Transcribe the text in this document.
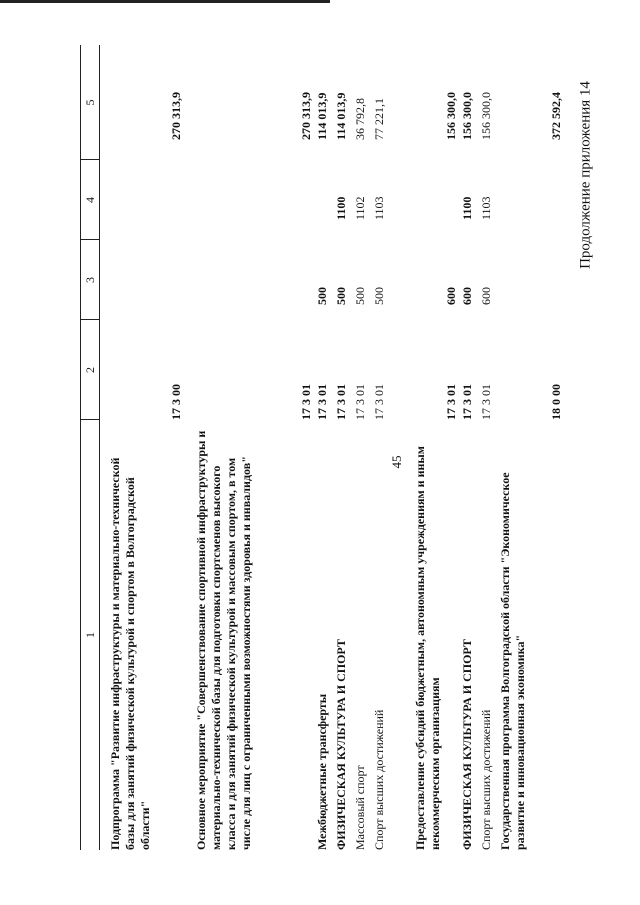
45
Продолжение приложения 14
1
2
3
4
5
Подпрограмма "Развитие инфраструктуры и материально-технической базы для занятий физической культурой и спортом в Волгоградской области"
17 3 00
270 313,9
Основное мероприятие "Совершенствование спортивной инфраструктуры и материально-технической базы для подготовки спортсменов высокого класса и для занятий физической культурой и массовым спортом, в том числе для лиц с ограниченными возможностями здоровья и инвалидов"
17 3 01
270 313,9
Межбюджетные трансферты
17 3 01
500
114 013,9
ФИЗИЧЕСКАЯ КУЛЬТУРА И СПОРТ
17 3 01
500
1100
114 013,9
Массовый спорт
17 3 01
500
1102
36 792,8
Спорт высших достижений
17 3 01
500
1103
77 221,1
Предоставление субсидий бюджетным, автономным учреждениям и иным некоммерческим организациям
17 3 01
600
156 300,0
ФИЗИЧЕСКАЯ КУЛЬТУРА И СПОРТ
17 3 01
600
1100
156 300,0
Спорт высших достижений
17 3 01
600
1103
156 300,0
Государственная программа Волгоградской области "Экономическое развитие и инновационная экономика"
18 0 00
372 592,4
